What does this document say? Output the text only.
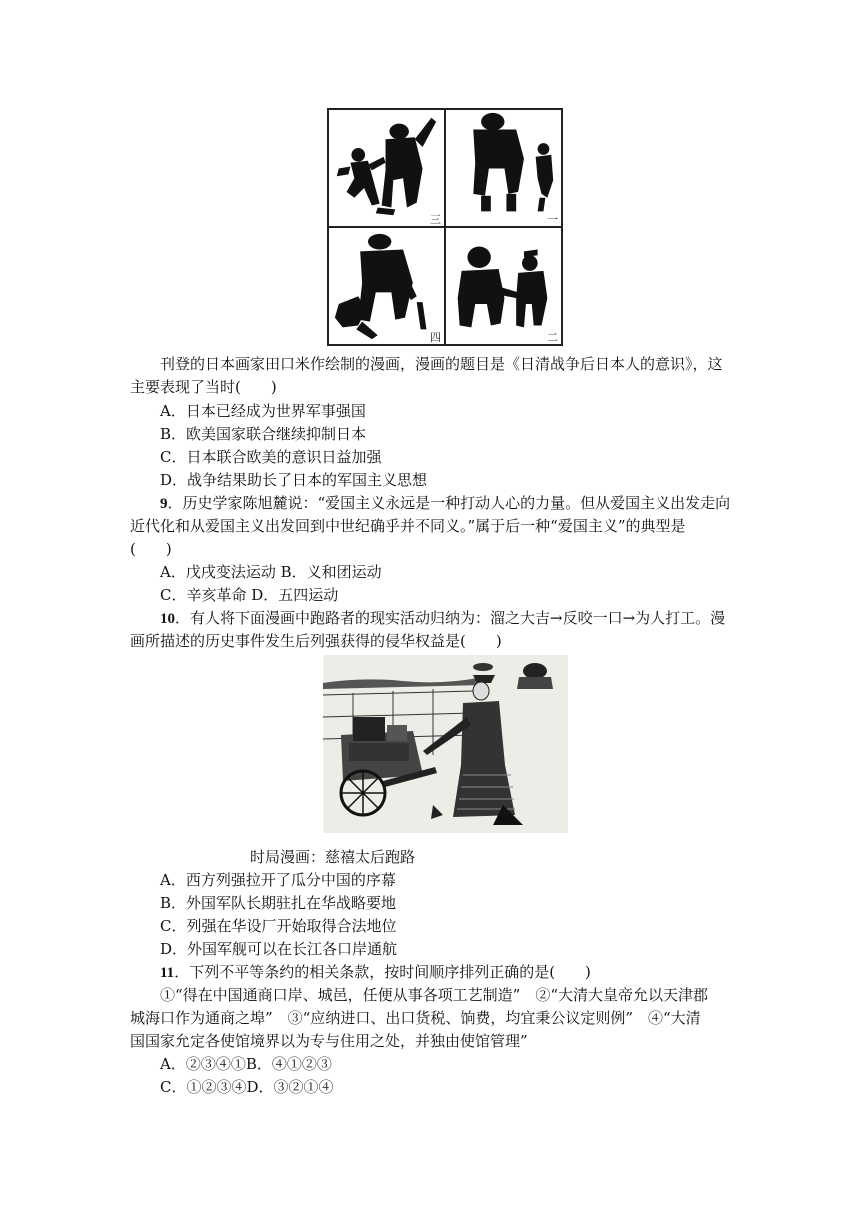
三	一
四	二
刊登的日本画家田口米作绘制的漫画，漫画的题目是《日清战争后日本人的意识》，这
主要表现了当时(　　)
A．日本已经成为世界军事强国
B．欧美国家联合继续抑制日本
C．日本联合欧美的意识日益加强
D．战争结果助长了日本的军国主义思想
9．历史学家陈旭麓说：“爱国主义永远是一种打动人心的力量。但从爱国主义出发走向
近代化和从爱国主义出发回到中世纪确乎并不同义。”属于后一种“爱国主义”的典型是
(　　)
A．戊戌变法运动 B．义和团运动
C．辛亥革命 D．五四运动
10．有人将下面漫画中跑路者的现实活动归纳为：溜之大吉→反咬一口→为人打工。漫
画所描述的历史事件发生后列强获得的侵华权益是(　　)
时局漫画：慈禧太后跑路
A．西方列强拉开了瓜分中国的序幕
B．外国军队长期驻扎在华战略要地
C．列强在华设厂开始取得合法地位
D．外国军舰可以在长江各口岸通航
11．下列不平等条约的相关条款，按时间顺序排列正确的是(　　)
①“得在中国通商口岸、城邑，任便从事各项工艺制造”　②“大清大皇帝允以天津郡
城海口作为通商之埠”　③“应纳进口、出口货税、饷费，均宜秉公议定则例”　④“大清
国国家允定各使馆境界以为专与住用之处，并独由使馆管理”
A．②③④①B．④①②③
C．①②③④D．③②①④
